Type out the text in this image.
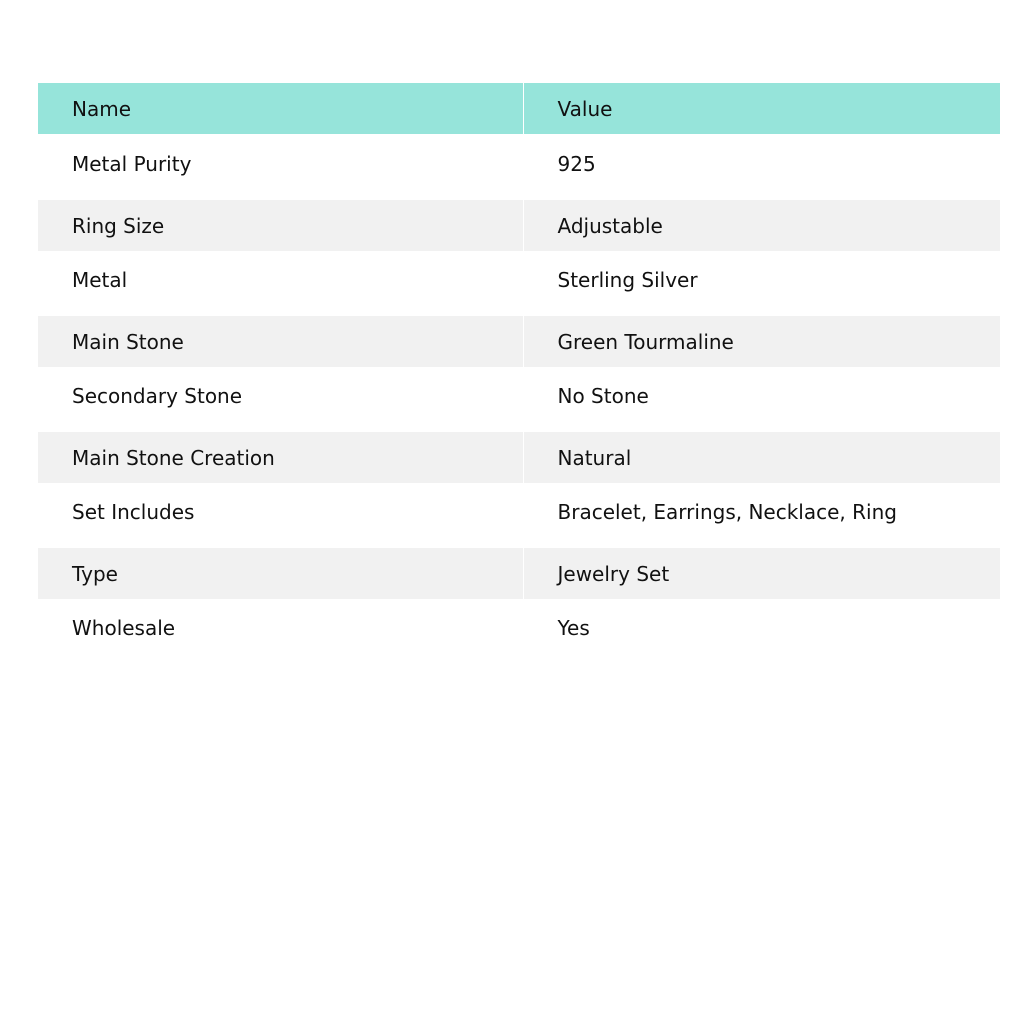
Name	Value
Metal Purity	925
Ring Size	Adjustable
Metal	Sterling Silver
Main Stone	Green Tourmaline
Secondary Stone	No Stone
Main Stone Creation	Natural
Set Includes	Bracelet, Earrings, Necklace, Ring
Type	Jewelry Set
Wholesale	Yes
